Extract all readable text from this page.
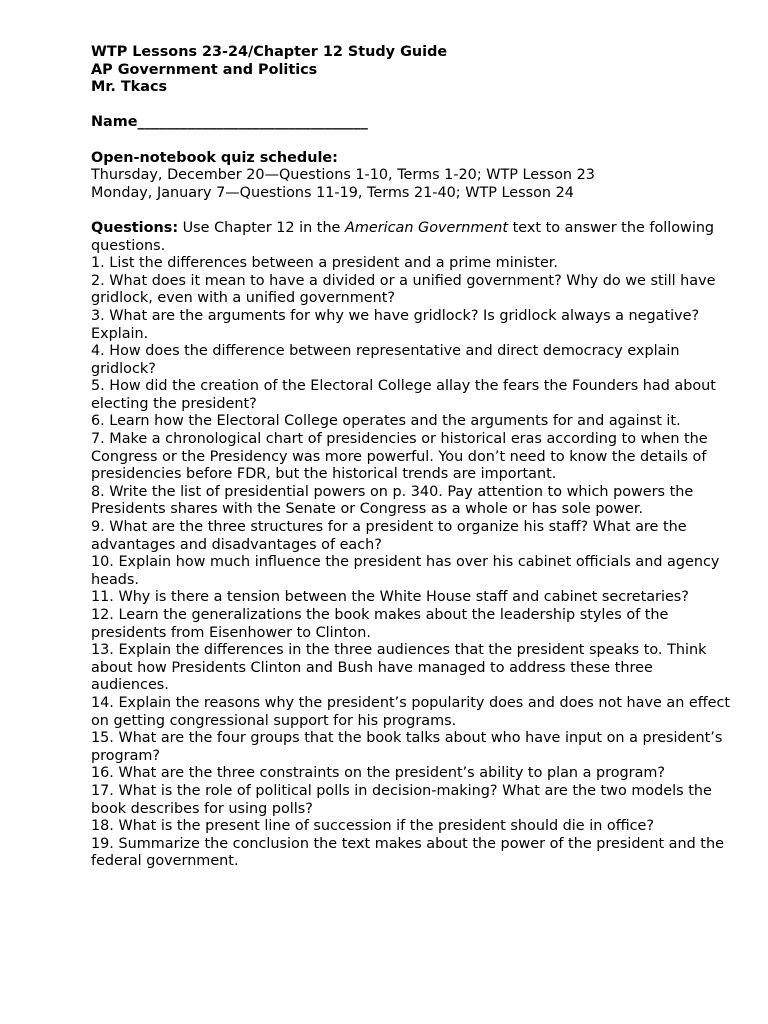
WTP Lessons 23-24/Chapter 12 Study Guide
AP Government and Politics
Mr. Tkacs
Name________________________________
Open-notebook quiz schedule:
Thursday, December 20—Questions 1-10, Terms 1-20; WTP Lesson 23
Monday, January 7—Questions 11-19, Terms 21-40; WTP Lesson 24
Questions: Use Chapter 12 in the American Government text to answer the following questions.
1. List the differences between a president and a prime minister.
2. What does it mean to have a divided or a unified government? Why do we still have gridlock, even with a unified government?
3. What are the arguments for why we have gridlock? Is gridlock always a negative? Explain.
4. How does the difference between representative and direct democracy explain gridlock?
5. How did the creation of the Electoral College allay the fears the Founders had about electing the president?
6. Learn how the Electoral College operates and the arguments for and against it.
7. Make a chronological chart of presidencies or historical eras according to when the Congress or the Presidency was more powerful. You don’t need to know the details of presidencies before FDR, but the historical trends are important.
8. Write the list of presidential powers on p. 340. Pay attention to which powers the Presidents shares with the Senate or Congress as a whole or has sole power.
9. What are the three structures for a president to organize his staff? What are the advantages and disadvantages of each?
10. Explain how much influence the president has over his cabinet officials and agency heads.
11. Why is there a tension between the White House staff and cabinet secretaries?
12. Learn the generalizations the book makes about the leadership styles of the presidents from Eisenhower to Clinton.
13. Explain the differences in the three audiences that the president speaks to. Think about how Presidents Clinton and Bush have managed to address these three audiences.
14. Explain the reasons why the president’s popularity does and does not have an effect on getting congressional support for his programs.
15. What are the four groups that the book talks about who have input on a president’s program?
16. What are the three constraints on the president’s ability to plan a program?
17. What is the role of political polls in decision-making? What are the two models the book describes for using polls?
18. What is the present line of succession if the president should die in office?
19. Summarize the conclusion the text makes about the power of the president and the federal government.
